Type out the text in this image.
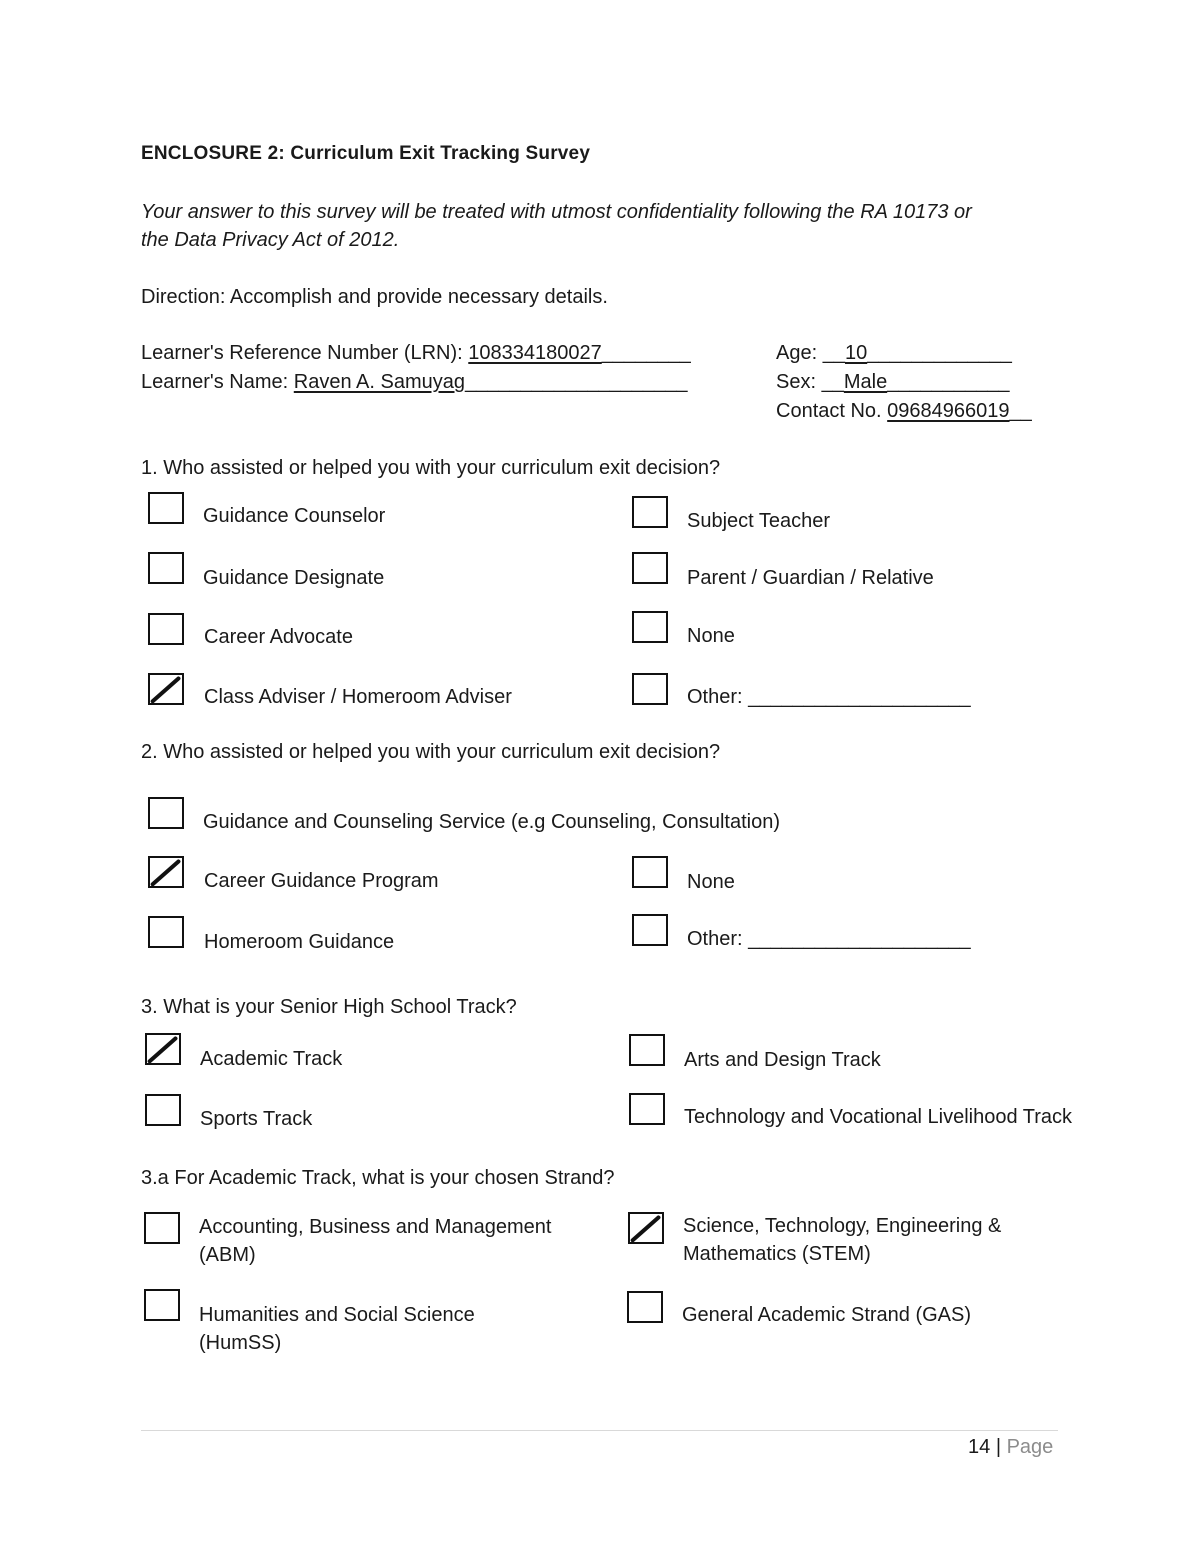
ENCLOSURE 2: Curriculum Exit Tracking Survey
Your answer to this survey will be treated with utmost confidentiality following the RA 10173 or
the Data Privacy Act of 2012.
Direction: Accomplish and provide necessary details.
Learner's Reference Number (LRN): 108334180027________
Learner's Name: Raven A. Samuyag____________________
Age: __10_____________
Sex: __Male___________
Contact No. 09684966019__
1. Who assisted or helped you with your curriculum exit decision?
Guidance Counselor	Subject Teacher
Guidance Designate	Parent / Guardian / Relative
Career Advocate	None
Class Adviser / Homeroom Adviser	Other: ____________________
2. Who assisted or helped you with your curriculum exit decision?
Guidance and Counseling Service (e.g Counseling, Consultation)
Career Guidance Program	None
Homeroom Guidance	Other: ____________________
3. What is your Senior High School Track?
Academic Track	Arts and Design Track
Sports Track	Technology and Vocational Livelihood Track
3.a For Academic Track, what is your chosen Strand?
Accounting, Business and Management
(ABM)
Science, Technology, Engineering &
Mathematics (STEM)
Humanities and Social Science
(HumSS)
General Academic Strand (GAS)
14 | Page
